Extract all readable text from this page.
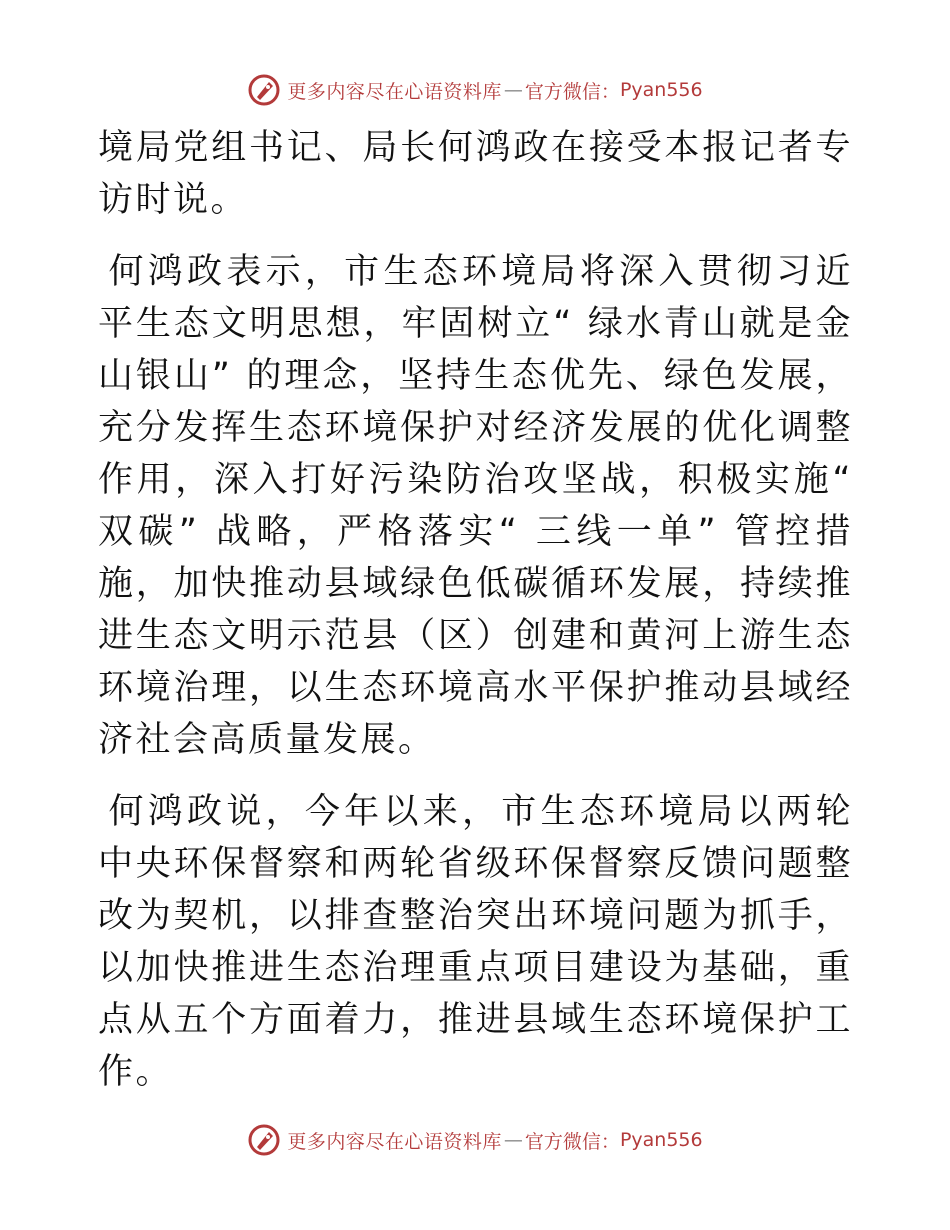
更多内容尽在心语资料库 — 官方微信： Pyan556

境局党组书记、局长何鸿政在接受本报记者专访时说。

何鸿政表示，市生态环境局将深入贯彻习近平生态文明思想，牢固树立“ 绿水青山就是金山银山” 的理念，坚持生态优先、绿色发展，充分发挥生态环境保护对经济发展的优化调整作用，深入打好污染防治攻坚战，积极实施“ 双碳” 战略，严格落实“ 三线一单” 管控措施，加快推动县域绿色低碳循环发展，持续推进生态文明示范县（区）创建和黄河上游生态环境治理，以生态环境高水平保护推动县域经济社会高质量发展。

何鸿政说，今年以来，市生态环境局以两轮中央环保督察和两轮省级环保督察反馈问题整改为契机，以排查整治突出环境问题为抓手，以加快推进生态治理重点项目建设为基础，重点从五个方面着力，推进县域生态环境保护工作。

更多内容尽在心语资料库 — 官方微信： Pyan556
